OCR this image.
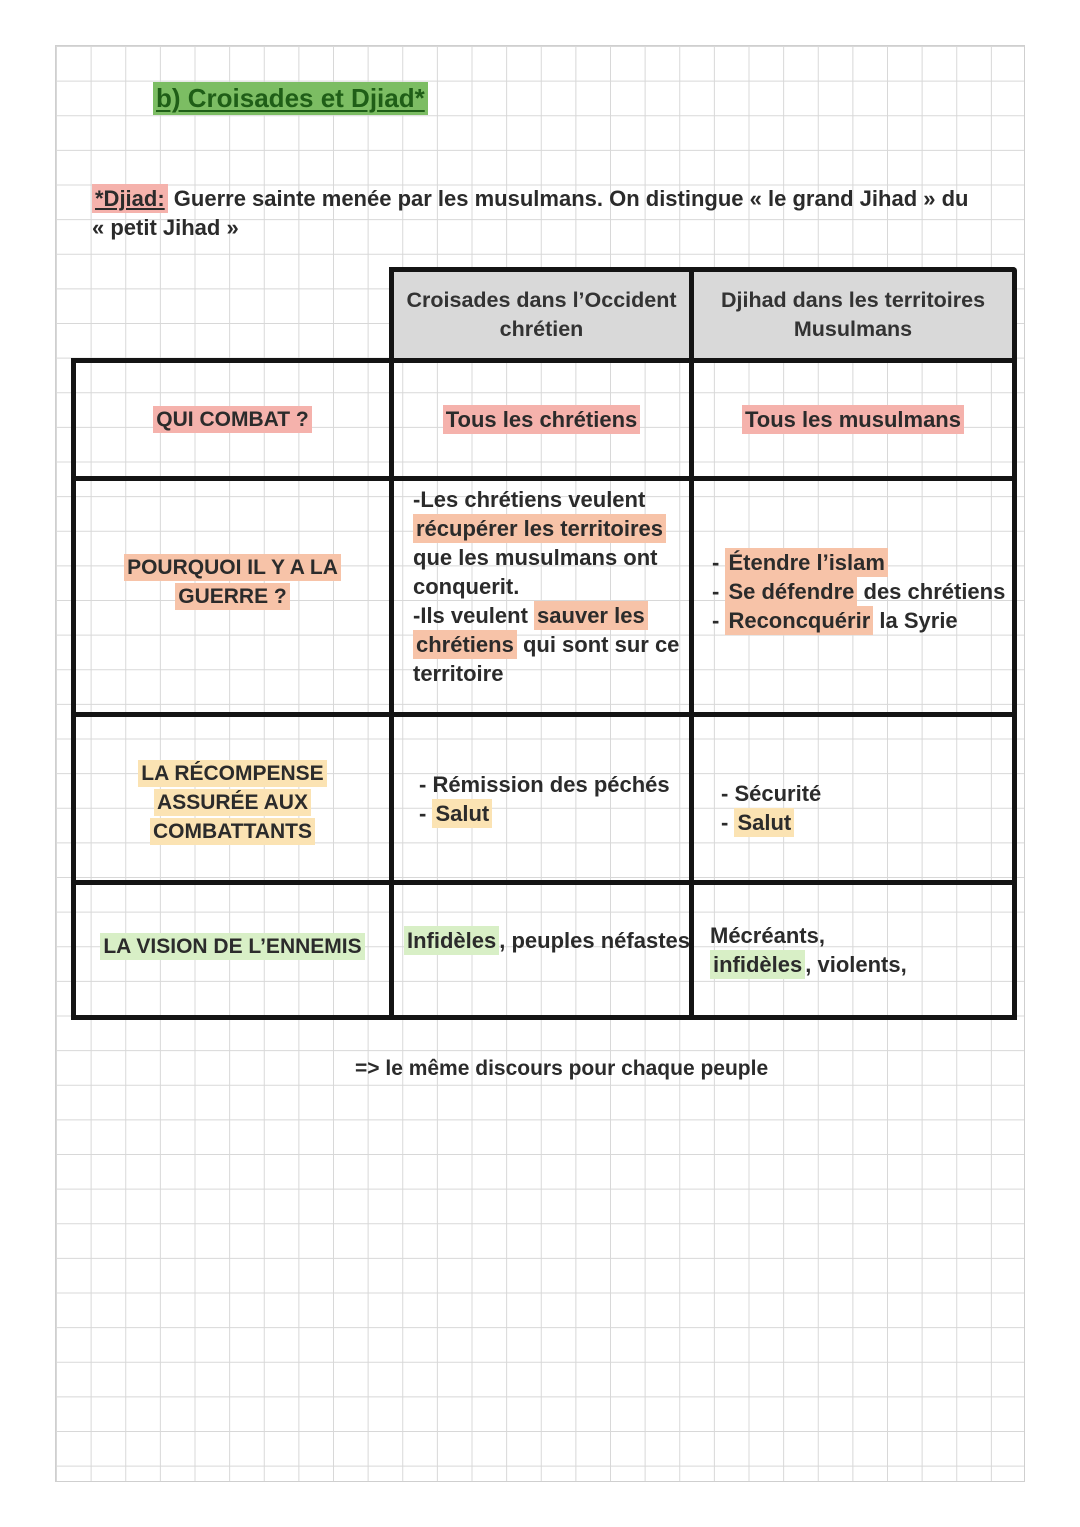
b) Croisades et Djiad*
*Djiad: Guerre sainte menée par les musulmans. On distingue « le grand Jihad » du
« petit Jihad »
Croisades dans l’Occident chrétien
Djihad dans les territoires Musulmans
QUI COMBAT ?	Tous les chrétiens	Tous les musulmans
POURQUOI IL Y A LA
GUERRE ?
-Les chrétiens veulent
récupérer les territoires
que les musulmans ont
conquerit.
-Ils veulent sauver les
chrétiens qui sont sur ce
territoire
- Étendre l’islam
- Se défendre des chrétiens
- Reconcquérir la Syrie
LA RÉCOMPENSE
ASSURÉE AUX
COMBATTANTS
- Rémission des péchés
- Salut
- Sécurité
- Salut
LA VISION DE L’ENNEMIS Infidèles , peuples néfastes Mécréants,
infidèles , violents,
=> le même discours pour chaque peuple
